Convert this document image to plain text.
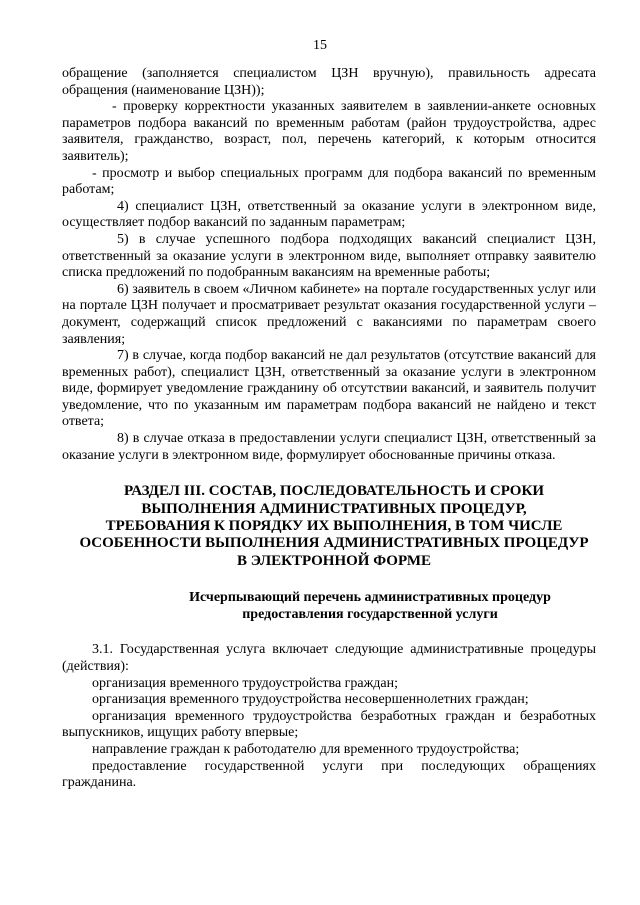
15

обращение (заполняется специалистом ЦЗН вручную), правильность адресата обращения (наименование ЦЗН));

- проверку корректности указанных заявителем в заявлении-анкете основных параметров подбора вакансий по временным работам (район трудоустройства, адрес заявителя, гражданство, возраст, пол, перечень категорий, к которым относится заявитель);

- просмотр и выбор специальных программ для подбора вакансий по временным работам;

4) специалист ЦЗН, ответственный за оказание услуги в электронном виде, осуществляет подбор вакансий по заданным параметрам;

5) в случае успешного подбора подходящих вакансий специалист ЦЗН, ответственный за оказание услуги в электронном виде, выполняет отправку заявителю списка предложений по подобранным вакансиям на временные работы;

6) заявитель в своем «Личном кабинете» на портале государственных услуг или на портале ЦЗН получает и просматривает результат оказания государственной услуги – документ, содержащий список предложений с вакансиями по параметрам своего заявления;

7) в случае, когда подбор вакансий не дал результатов (отсутствие вакансий для временных работ), специалист ЦЗН, ответственный за оказание услуги в электронном виде, формирует уведомление гражданину об отсутствии вакансий, и заявитель получит уведомление, что по указанным им параметрам подбора вакансий не найдено и текст ответа;

8) в случае отказа в предоставлении услуги специалист ЦЗН, ответственный за оказание услуги в электронном виде, формулирует обоснованные причины отказа.

РАЗДЕЛ III. СОСТАВ, ПОСЛЕДОВАТЕЛЬНОСТЬ И СРОКИ
ВЫПОЛНЕНИЯ АДМИНИСТРАТИВНЫХ ПРОЦЕДУР,
ТРЕБОВАНИЯ К ПОРЯДКУ ИХ ВЫПОЛНЕНИЯ, В ТОМ ЧИСЛЕ
ОСОБЕННОСТИ ВЫПОЛНЕНИЯ АДМИНИСТРАТИВНЫХ ПРОЦЕДУР
В ЭЛЕКТРОННОЙ ФОРМЕ
Исчерпывающий перечень административных процедур
предоставления государственной услуги

3.1. Государственная услуга включает следующие административные процедуры (действия):

организация временного трудоустройства граждан;

организация временного трудоустройства несовершеннолетних граждан;

организация временного трудоустройства безработных граждан и безработных выпускников, ищущих работу впервые;

направление граждан к работодателю для временного трудоустройства;

предоставление государственной услуги при последующих обращениях гражданина.
